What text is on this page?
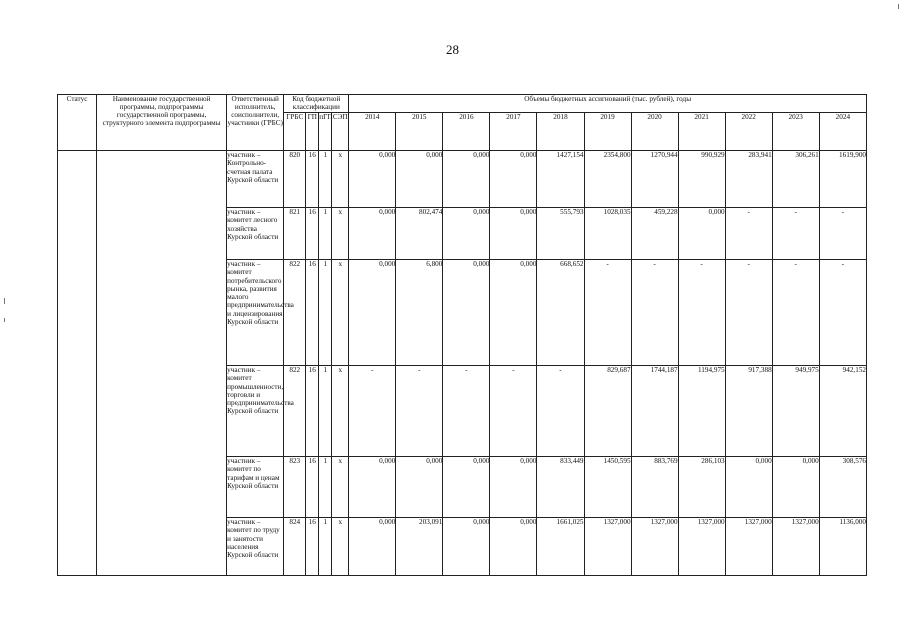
28
Статус	Наименование государственной программы, подпрограммы государственной программы, структурного элемента подпрограммы	Ответственный исполнитель, соисполнители, участники (ГРБС)	Код бюджетной классификации				Объемы бюджетных ассигнований (тыс. рублей), годы										
			ГРБС	ГП	пГП	СЭП	2014	2015	2016	2017	2018	2019	2020	2021	2022	2023	2024
		участник – Контрольно-счетная палата Курской области	820	16	1	х	0,000	0,000	0,000	0,000	1427,154	2354,800	1270,944	990,929	283,941	306,261	1619,900
		участник – комитет лесного хозяйства Курской области	821	16	1	х	0,000	802,474	0,000	0,000	555,793	1028,035	459,228	0,000	-	-	-
		участник – комитет потребительского рынка, развития малого предпринимательства и лицензирования Курской области	822	16	1	х	0,000	6,800	0,000	0,000	668,652	-	-	-	-	-	-
		участник – комитет промышленности, торговли и предпринимательства Курской области	822	16	1	х	-	-	-	-	-	829,687	1744,187	1194,975	917,388	949,975	942,152
		участник – комитет по тарифам и ценам Курской области	823	16	1	х	0,000	0,000	0,000	0,000	833,449	1450,595	883,769	286,103	0,000	0,000	308,576
		участник – комитет по труду и занятости населения Курской области	824	16	1	х	0,000	203,091	0,000	0,000	1661,025	1327,000	1327,000	1327,000	1327,000	1327,000	1136,000
